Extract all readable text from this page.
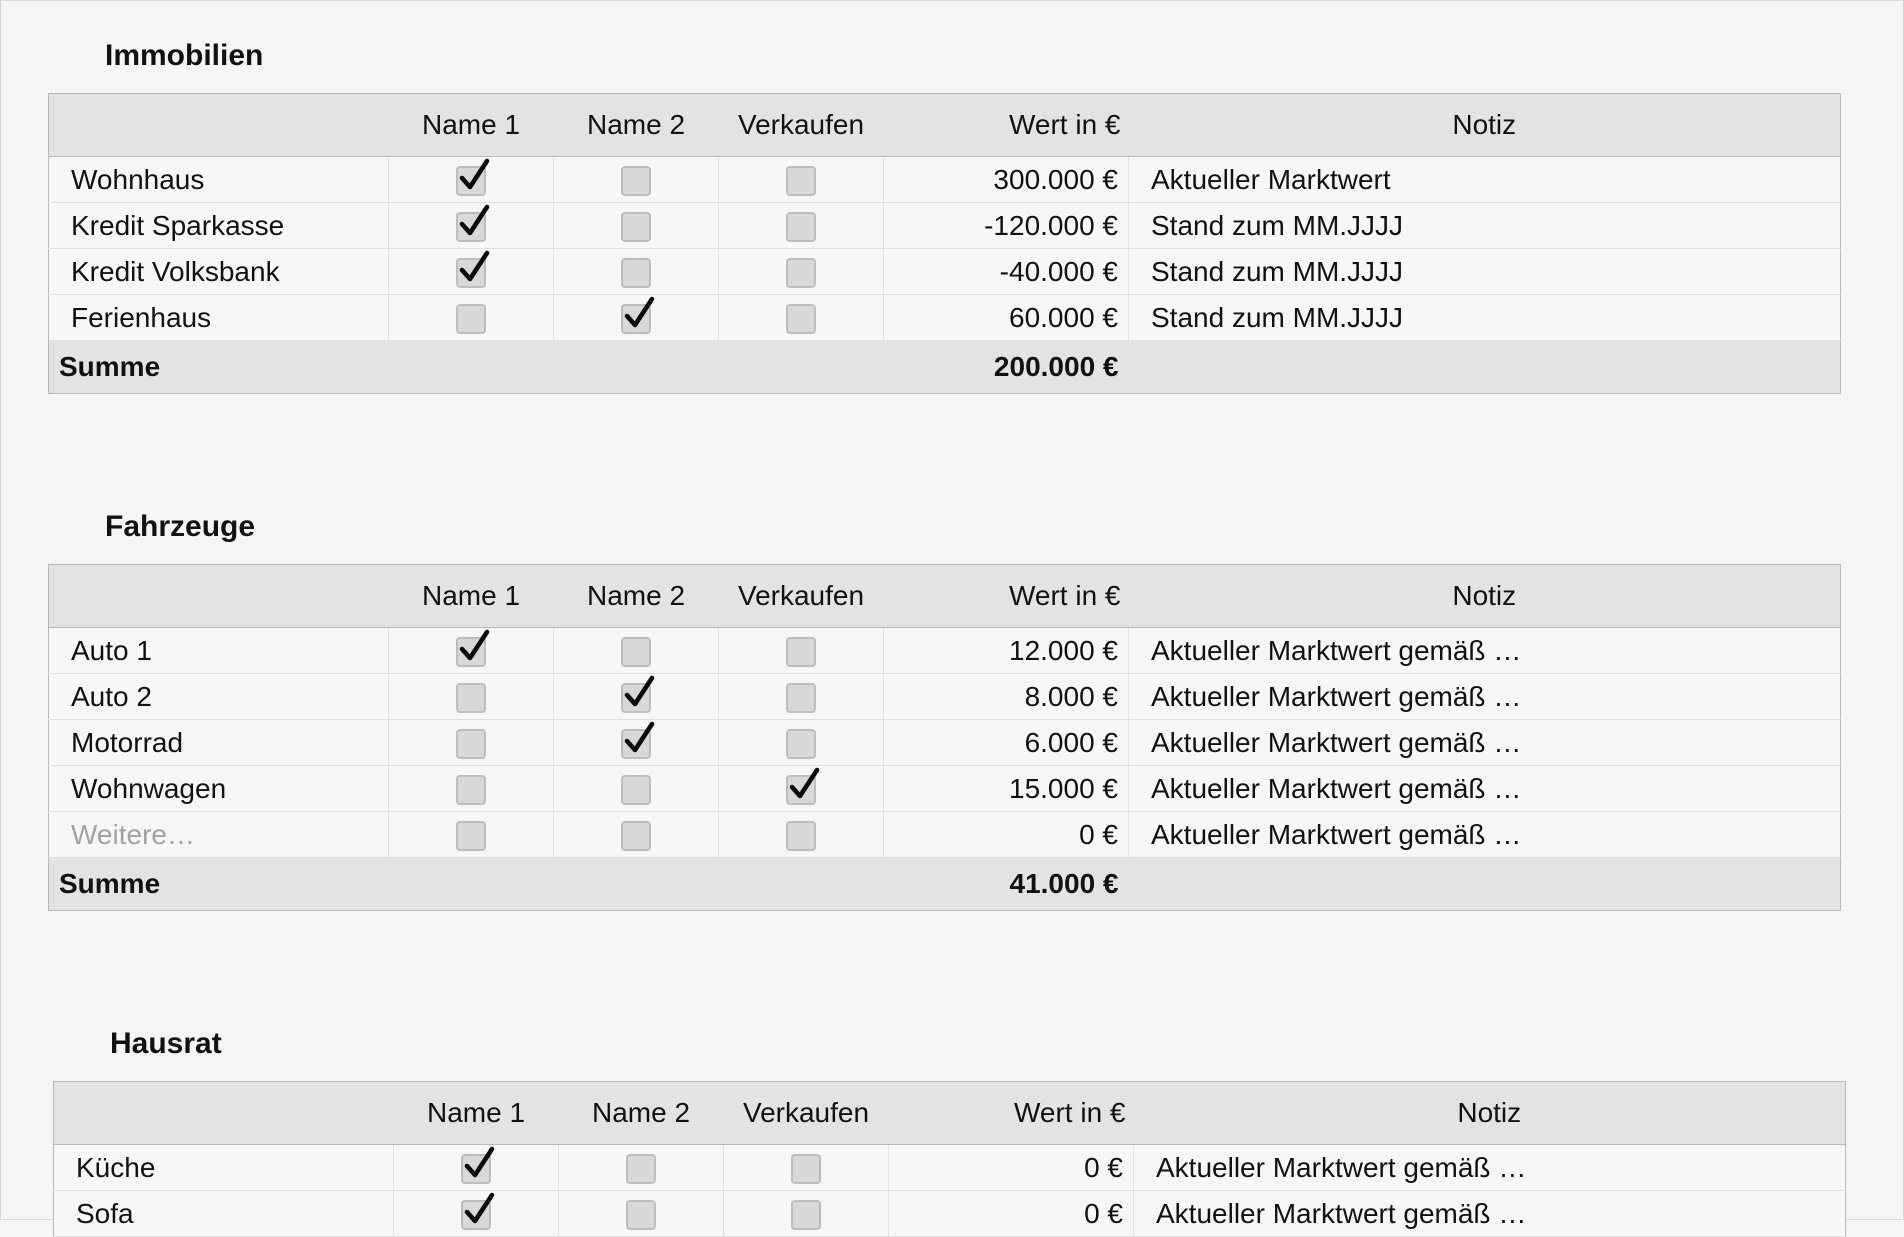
Immobilien
	Name 1	Name 2	Verkaufen	Wert in €	Notiz
Wohnhaus				300.000 €	Aktueller Marktwert
Kredit Sparkasse				-120.000 €	Stand zum MM.JJJJ
Kredit Volksbank				-40.000 €	Stand zum MM.JJJJ
Ferienhaus				60.000 €	Stand zum MM.JJJJ
Summe				200.000 €	
Fahrzeuge
	Name 1	Name 2	Verkaufen	Wert in €	Notiz
Auto 1				12.000 €	Aktueller Marktwert gemäß …
Auto 2				8.000 €	Aktueller Marktwert gemäß …
Motorrad				6.000 €	Aktueller Marktwert gemäß …
Wohnwagen				15.000 €	Aktueller Marktwert gemäß …
Weitere…				0 €	Aktueller Marktwert gemäß …
Summe				41.000 €	
Hausrat
	Name 1	Name 2	Verkaufen	Wert in €	Notiz
Küche				0 €	Aktueller Marktwert gemäß …
Sofa				0 €	Aktueller Marktwert gemäß …
